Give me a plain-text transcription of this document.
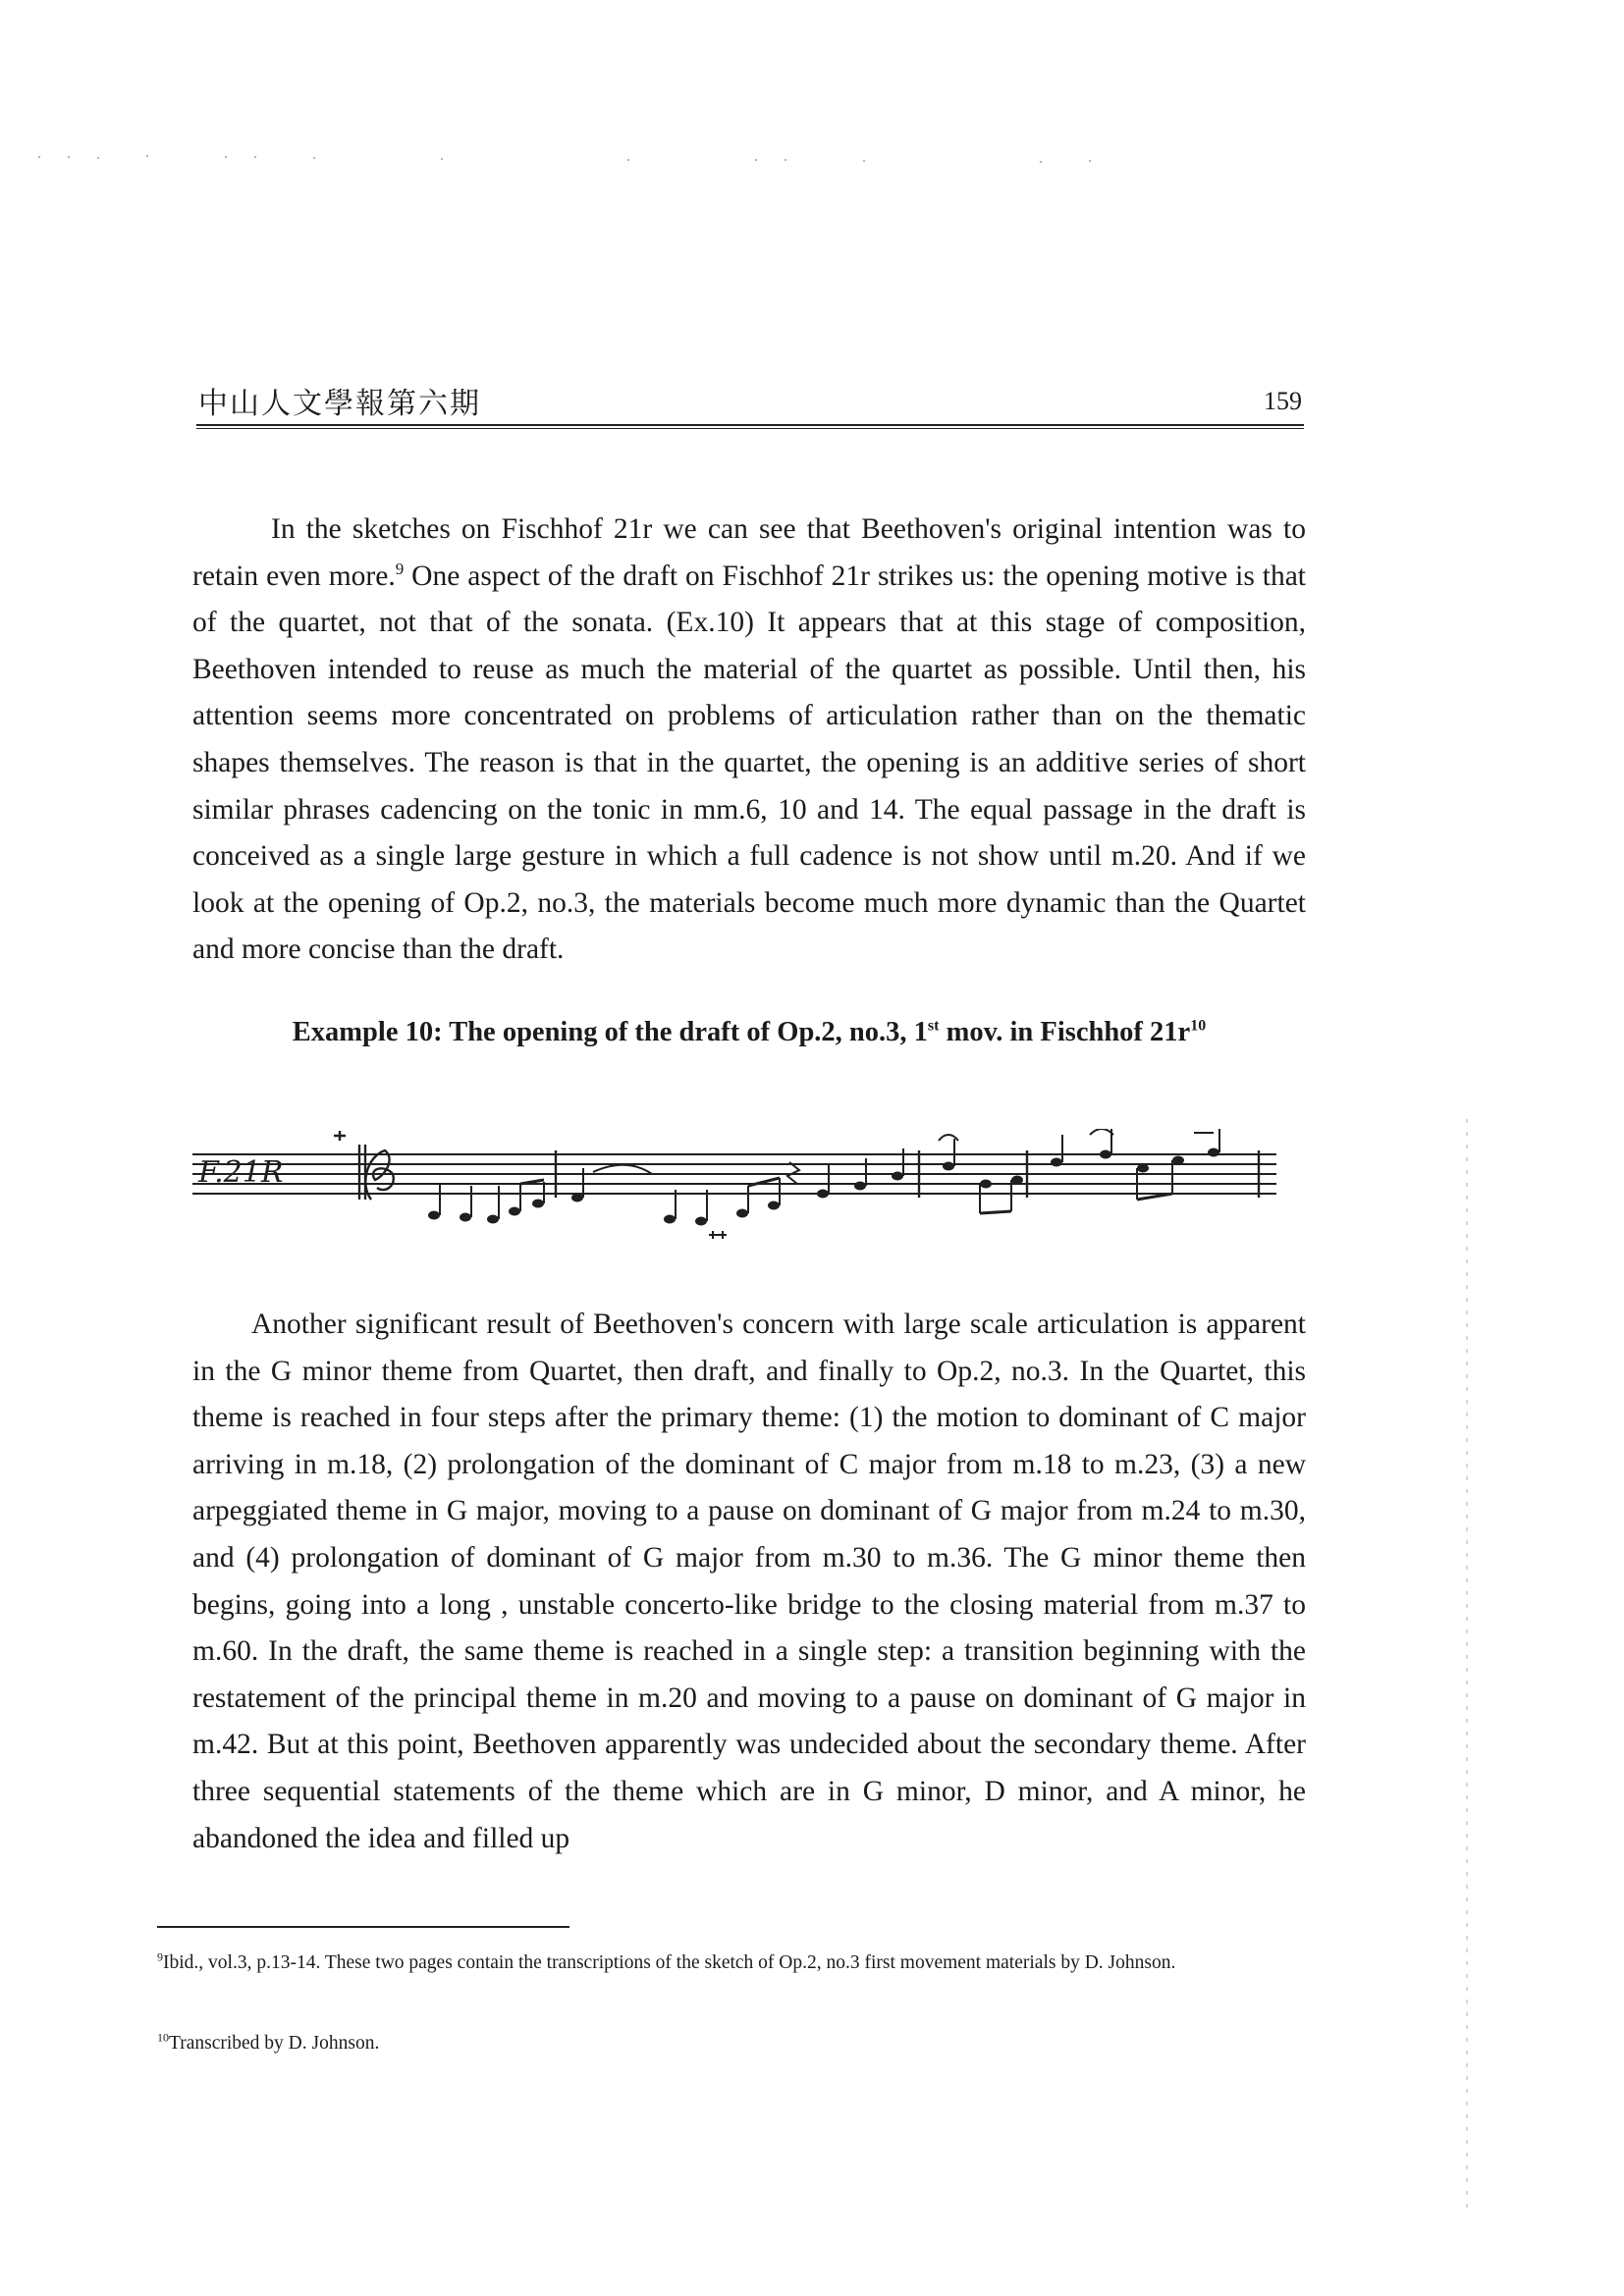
中山人文學報第六期	159

In the sketches on Fischhof 21r we can see that Beethoven's original intention was to retain even more.$^9$ One aspect of the draft on Fischhof 21r strikes us: the opening motive is that of the quartet, not that of the sonata. (Ex.10) It appears that at this stage of composition, Beethoven intended to reuse as much the material of the quartet as possible. Until then, his attention seems more concentrated on problems of articulation rather than on the thematic shapes themselves. The reason is that in the quartet, the opening is an additive series of short similar phrases cadencing on the tonic in mm.6, 10 and 14. The equal passage in the draft is conceived as a single large gesture in which a full cadence is not show until m.20. And if we look at the opening of Op.2, no.3, the materials become much more dynamic than the Quartet and more concise than the draft.

Example 10: The opening of the draft of Op.2, no.3, 1st mov. in Fischhof $21r^{10}$

F.21R

Another significant result of Beethoven's concern with large scale articulation is apparent in the G minor theme from Quartet, then draft, and finally to Op.2, no.3. In the Quartet, this theme is reached in four steps after the primary theme: (1) the motion to dominant of C major arriving in m.18, (2) prolongation of the dominant of C major from m.18 to m.23, (3) a new arpeggiated theme in G major, moving to a pause on dominant of G major from m.24 to m.30, and (4) prolongation of dominant of G major from m.30 to m.36. The G minor theme then begins, going into a long , unstable concerto-like bridge to the closing material from m.37 to m.60. In the draft, the same theme is reached in a single step: a transition beginning with the restatement of the principal theme in m.20 and moving to a pause on dominant of G major in m.42. But at this point, Beethoven apparently was undecided about the secondary theme. After three sequential statements of the theme which are in G minor, D minor, and A minor, he abandoned the idea and filled up

$^9$Ibid., vol.3, p.13-14. These two pages contain the transcriptions of the sketch of Op.2, no.3 first movement materials by D. Johnson.

$^{10}$Transcribed by D. Johnson.
